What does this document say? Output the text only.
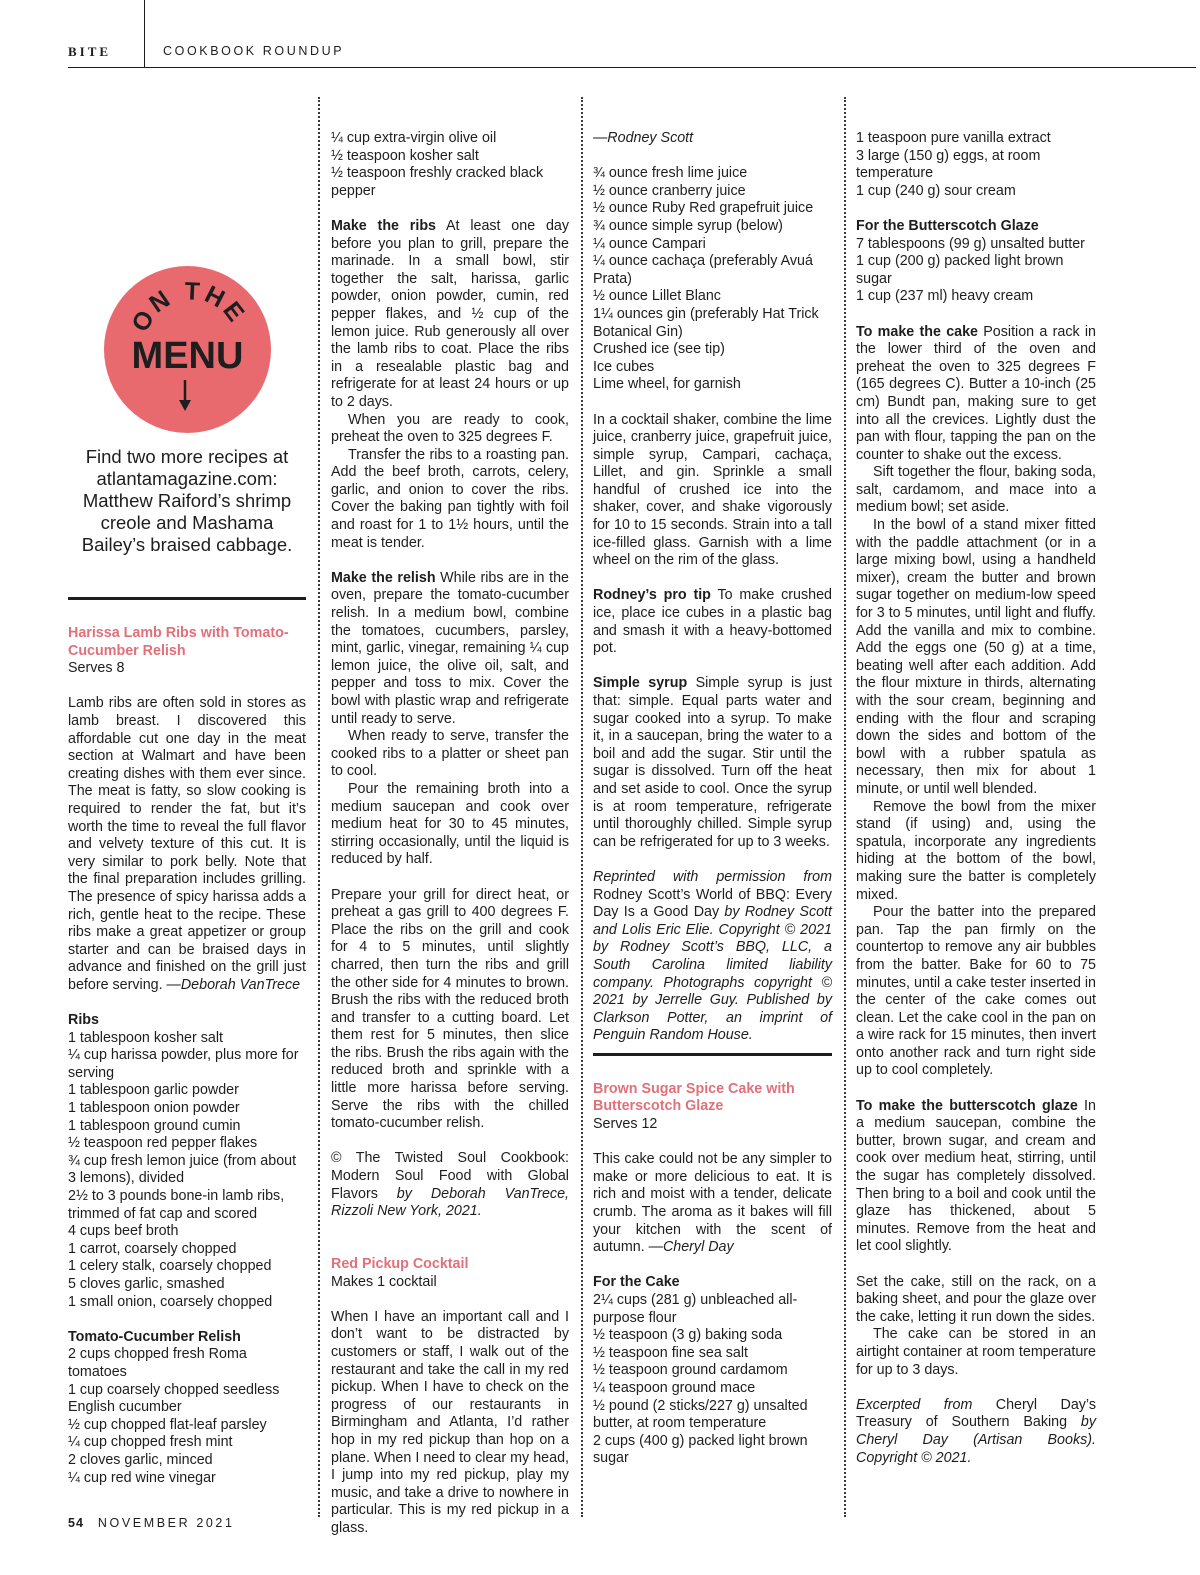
BITE	COOKBOOK ROUNDUP
ON THE
MENU
Find two more recipes at atlantamagazine.com: Matthew Raiford’s shrimp creole and Mashama Bailey’s braised cabbage.
Harissa Lamb Ribs with Tomato-Cucumber Relish
Serves 8

Lamb ribs are often sold in stores as lamb breast. I discovered this affordable cut one day in the meat section at Walmart and have been creating dishes with them ever since. The meat is fatty, so slow cooking is required to render the fat, but it’s worth the time to reveal the full flavor and velvety texture of this cut. It is very similar to pork belly. Note that the final preparation includes grilling. The presence of spicy harissa adds a rich, gentle heat to the recipe. These ribs make a great appetizer or group starter and can be braised days in advance and finished on the grill just before serving. —Deborah VanTrece

Ribs
1 tablespoon kosher salt
¼ cup harissa powder, plus more for serving
1 tablespoon garlic powder
1 tablespoon onion powder
1 tablespoon ground cumin
½ teaspoon red pepper flakes
¾ cup fresh lemon juice (from about 3 lemons), divided
2½ to 3 pounds bone-in lamb ribs, trimmed of fat cap and scored
4 cups beef broth
1 carrot, coarsely chopped
1 celery stalk, coarsely chopped
5 cloves garlic, smashed
1 small onion, coarsely chopped
Tomato-Cucumber Relish
2 cups chopped fresh Roma tomatoes
1 cup coarsely chopped seedless English cucumber
½ cup chopped flat-leaf parsley
¼ cup chopped fresh mint
2 cloves garlic, minced
¼ cup red wine vinegar
¼ cup extra-virgin olive oil
½ teaspoon kosher salt
½ teaspoon freshly cracked black pepper

Make the ribs At least one day before you plan to grill, prepare the marinade. In a small bowl, stir together the salt, harissa, garlic powder, onion powder, cumin, red pepper flakes, and ½ cup of the lemon juice. Rub generously all over the lamb ribs to coat. Place the ribs in a resealable plastic bag and refrigerate for at least 24 hours or up to 2 days.

When you are ready to cook, preheat the oven to 325 degrees F.

Transfer the ribs to a roasting pan. Add the beef broth, carrots, celery, garlic, and onion to cover the ribs. Cover the baking pan tightly with foil and roast for 1 to 1½ hours, until the meat is tender.

Make the relish While ribs are in the oven, prepare the tomato-cucumber relish. In a medium bowl, combine the tomatoes, cucumbers, parsley, mint, garlic, vinegar, remaining ¼ cup lemon juice, the olive oil, salt, and pepper and toss to mix. Cover the bowl with plastic wrap and refrigerate until ready to serve.

When ready to serve, transfer the cooked ribs to a platter or sheet pan to cool.

Pour the remaining broth into a medium saucepan and cook over medium heat for 30 to 45 minutes, stirring occasionally, until the liquid is reduced by half.

Prepare your grill for direct heat, or preheat a gas grill to 400 degrees F. Place the ribs on the grill and cook for 4 to 5 minutes, until slightly charred, then turn the ribs and grill the other side for 4 minutes to brown. Brush the ribs with the reduced broth and transfer to a cutting board. Let them rest for 5 minutes, then slice the ribs. Brush the ribs again with the reduced broth and sprinkle with a little more harissa before serving. Serve the ribs with the chilled tomato-cucumber relish.

© The Twisted Soul Cookbook: Modern Soul Food with Global Flavors by Deborah VanTrece, Rizzoli New York, 2021.

Red Pickup Cocktail
Makes 1 cocktail

When I have an important call and I don’t want to be distracted by customers or staff, I walk out of the restaurant and take the call in my red pickup. When I have to check on the progress of our restaurants in Birmingham and Atlanta, I’d rather hop in my red pickup than hop on a plane. When I need to clear my head, I jump into my red pickup, play my music, and take a drive to nowhere in particular. This is my red pickup in a glass.

—Rodney Scott

¾ ounce fresh lime juice
½ ounce cranberry juice
½ ounce Ruby Red grapefruit juice
¾ ounce simple syrup (below)
¼ ounce Campari
¼ ounce cachaça (preferably Avuá Prata)
½ ounce Lillet Blanc
1¼ ounces gin (preferably Hat Trick Botanical Gin)
Crushed ice (see tip)
Ice cubes
Lime wheel, for garnish

In a cocktail shaker, combine the lime juice, cranberry juice, grapefruit juice, simple syrup, Campari, cachaça, Lillet, and gin. Sprinkle a small handful of crushed ice into the shaker, cover, and shake vigorously for 10 to 15 seconds. Strain into a tall ice-filled glass. Garnish with a lime wheel on the rim of the glass.

Rodney’s pro tip To make crushed ice, place ice cubes in a plastic bag and smash it with a heavy-bottomed pot.

Simple syrup Simple syrup is just that: simple. Equal parts water and sugar cooked into a syrup. To make it, in a saucepan, bring the water to a boil and add the sugar. Stir until the sugar is dissolved. Turn off the heat and set aside to cool. Once the syrup is at room temperature, refrigerate until thoroughly chilled. Simple syrup can be refrigerated for up to 3 weeks.

Reprinted with permission from Rodney Scott’s World of BBQ: Every Day Is a Good Day by Rodney Scott and Lolis Eric Elie. Copyright © 2021 by Rodney Scott’s BBQ, LLC, a South Carolina limited liability company. Photographs copyright © 2021 by Jerrelle Guy. Published by Clarkson Potter, an imprint of Penguin Random House.

Brown Sugar Spice Cake with Butterscotch Glaze
Serves 12

This cake could not be any simpler to make or more delicious to eat. It is rich and moist with a tender, delicate crumb. The aroma as it bakes will fill your kitchen with the scent of autumn. —Cheryl Day

For the Cake
2¼ cups (281 g) unbleached all-purpose flour
½ teaspoon (3 g) baking soda
½ teaspoon fine sea salt
½ teaspoon ground cardamom
¼ teaspoon ground mace
½ pound (2 sticks/227 g) unsalted butter, at room temperature
2 cups (400 g) packed light brown sugar
1 teaspoon pure vanilla extract
3 large (150 g) eggs, at room temperature
1 cup (240 g) sour cream
For the Butterscotch Glaze
7 tablespoons (99 g) unsalted butter
1 cup (200 g) packed light brown sugar
1 cup (237 ml) heavy cream

To make the cake Position a rack in the lower third of the oven and preheat the oven to 325 degrees F (165 degrees C). Butter a 10-inch (25 cm) Bundt pan, making sure to get into all the crevices. Lightly dust the pan with flour, tapping the pan on the counter to shake out the excess.

Sift together the flour, baking soda, salt, cardamom, and mace into a medium bowl; set aside.

In the bowl of a stand mixer fitted with the paddle attachment (or in a large mixing bowl, using a handheld mixer), cream the butter and brown sugar together on medium-low speed for 3 to 5 minutes, until light and fluffy. Add the vanilla and mix to combine. Add the eggs one (50 g) at a time, beating well after each addition. Add the flour mixture in thirds, alternating with the sour cream, beginning and ending with the flour and scraping down the sides and bottom of the bowl with a rubber spatula as necessary, then mix for about 1 minute, or until well blended.

Remove the bowl from the mixer stand (if using) and, using the spatula, incorporate any ingredients hiding at the bottom of the bowl, making sure the batter is completely mixed.

Pour the batter into the prepared pan. Tap the pan firmly on the countertop to remove any air bubbles from the batter. Bake for 60 to 75 minutes, until a cake tester inserted in the center of the cake comes out clean. Let the cake cool in the pan on a wire rack for 15 minutes, then invert onto another rack and turn right side up to cool completely.

To make the butterscotch glaze In a medium saucepan, combine the butter, brown sugar, and cream and cook over medium heat, stirring, until the sugar has completely dissolved. Then bring to a boil and cook until the glaze has thickened, about 5 minutes. Remove from the heat and let cool slightly.

Set the cake, still on the rack, on a baking sheet, and pour the glaze over the cake, letting it run down the sides.

The cake can be stored in an airtight container at room temperature for up to 3 days.

Excerpted from Cheryl Day’s Treasury of Southern Baking by Cheryl Day (Artisan Books). Copyright © 2021.

54 NOVEMBER 2021
